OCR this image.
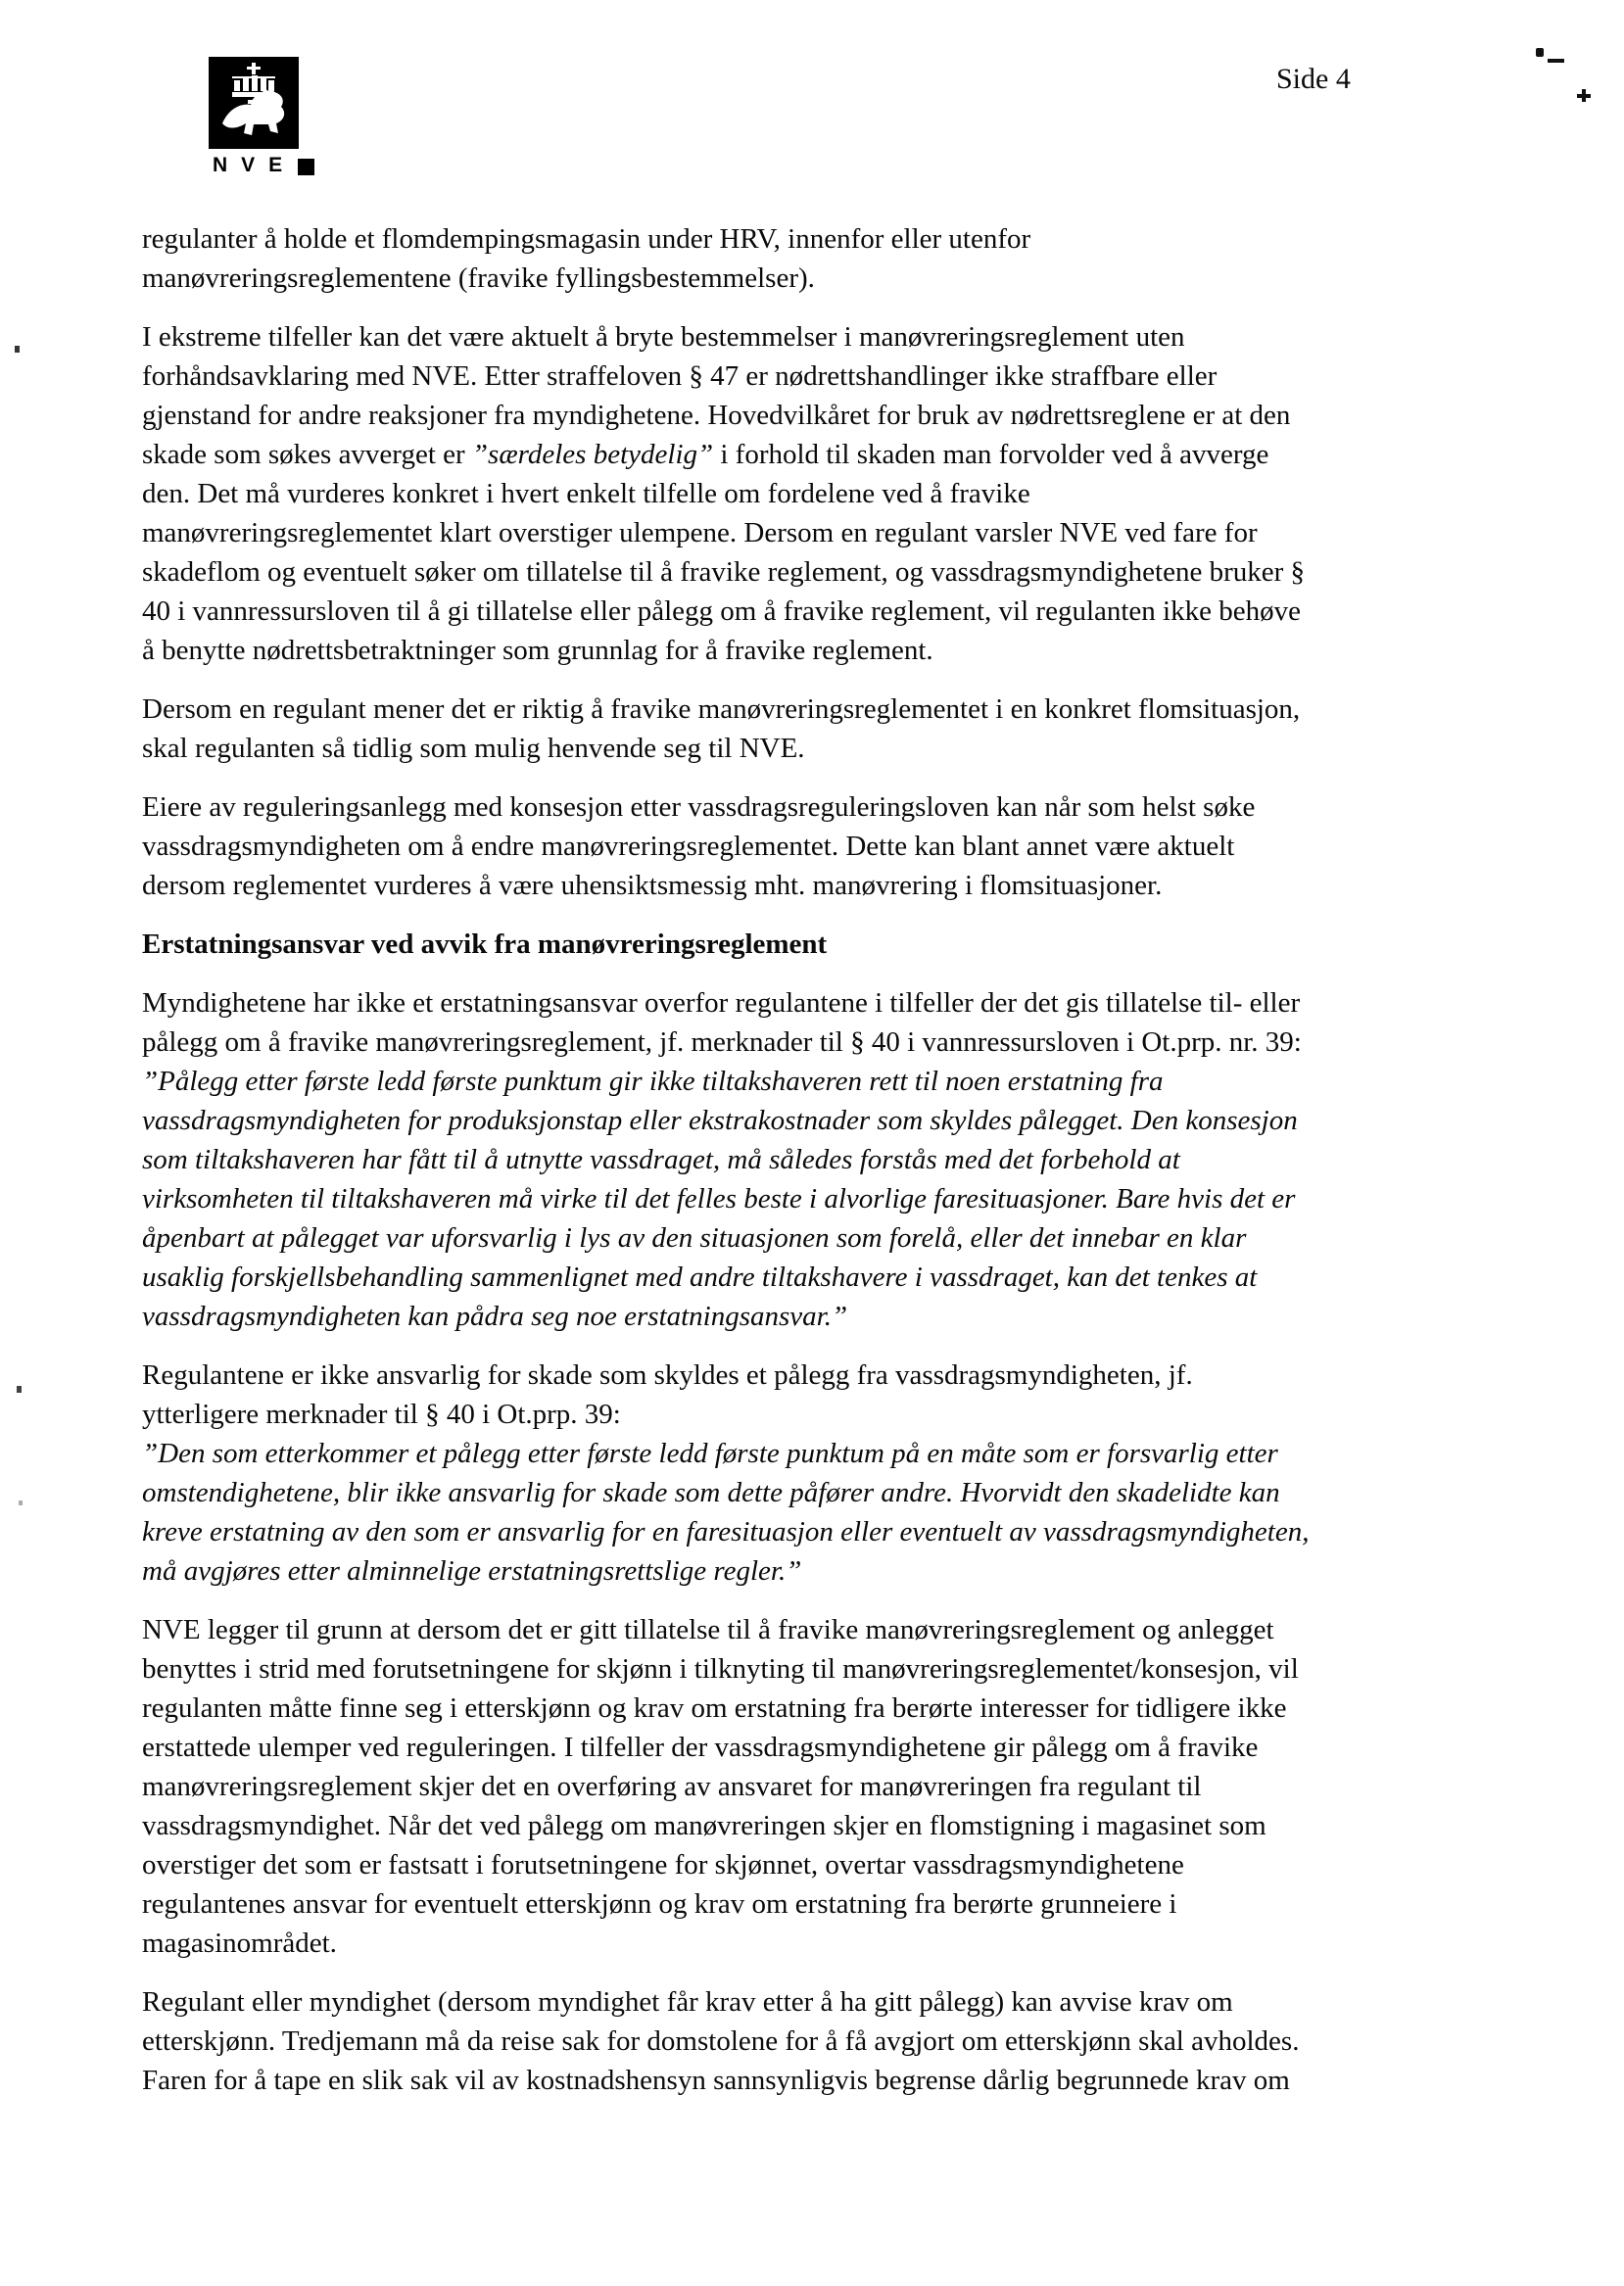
NVE
Side 4
regulanter å holde et flomdempingsmagasin under HRV, innenfor eller utenfor
manøvreringsreglementene (fravike fyllingsbestemmelser).
I ekstreme tilfeller kan det være aktuelt å bryte bestemmelser i manøvreringsreglement uten
forhåndsavklaring med NVE. Etter straffeloven § 47 er nødrettshandlinger ikke straffbare eller
gjenstand for andre reaksjoner fra myndighetene. Hovedvilkåret for bruk av nødrettsreglene er at den
skade som søkes avverget er ”særdeles betydelig” i forhold til skaden man forvolder ved å avverge
den. Det må vurderes konkret i hvert enkelt tilfelle om fordelene ved å fravike
manøvreringsreglementet klart overstiger ulempene. Dersom en regulant varsler NVE ved fare for
skadeflom og eventuelt søker om tillatelse til å fravike reglement, og vassdragsmyndighetene bruker §
40 i vannressursloven til å gi tillatelse eller pålegg om å fravike reglement, vil regulanten ikke behøve
å benytte nødrettsbetraktninger som grunnlag for å fravike reglement.
Dersom en regulant mener det er riktig å fravike manøvreringsreglementet i en konkret flomsituasjon,
skal regulanten så tidlig som mulig henvende seg til NVE.
Eiere av reguleringsanlegg med konsesjon etter vassdragsreguleringsloven kan når som helst søke
vassdragsmyndigheten om å endre manøvreringsreglementet. Dette kan blant annet være aktuelt
dersom reglementet vurderes å være uhensiktsmessig mht. manøvrering i flomsituasjoner.
Erstatningsansvar ved avvik fra manøvreringsreglement
Myndighetene har ikke et erstatningsansvar overfor regulantene i tilfeller der det gis tillatelse til- eller
pålegg om å fravike manøvreringsreglement, jf. merknader til § 40 i vannressursloven i Ot.prp. nr. 39:
”Pålegg etter første ledd første punktum gir ikke tiltakshaveren rett til noen erstatning fra
vassdragsmyndigheten for produksjonstap eller ekstrakostnader som skyldes pålegget. Den konsesjon
som tiltakshaveren har fått til å utnytte vassdraget, må således forstås med det forbehold at
virksomheten til tiltakshaveren må virke til det felles beste i alvorlige faresituasjoner. Bare hvis det er
åpenbart at pålegget var uforsvarlig i lys av den situasjonen som forelå, eller det innebar en klar
usaklig forskjellsbehandling sammenlignet med andre tiltakshavere i vassdraget, kan det tenkes at
vassdragsmyndigheten kan pådra seg noe erstatningsansvar.”
Regulantene er ikke ansvarlig for skade som skyldes et pålegg fra vassdragsmyndigheten, jf.
ytterligere merknader til § 40 i Ot.prp. 39:
”Den som etterkommer et pålegg etter første ledd første punktum på en måte som er forsvarlig etter
omstendighetene, blir ikke ansvarlig for skade som dette påfører andre. Hvorvidt den skadelidte kan
kreve erstatning av den som er ansvarlig for en faresituasjon eller eventuelt av vassdragsmyndigheten,
må avgjøres etter alminnelige erstatningsrettslige regler.”
NVE legger til grunn at dersom det er gitt tillatelse til å fravike manøvreringsreglement og anlegget
benyttes i strid med forutsetningene for skjønn i tilknyting til manøvreringsreglementet/konsesjon, vil
regulanten måtte finne seg i etterskjønn og krav om erstatning fra berørte interesser for tidligere ikke
erstattede ulemper ved reguleringen. I tilfeller der vassdragsmyndighetene gir pålegg om å fravike
manøvreringsreglement skjer det en overføring av ansvaret for manøvreringen fra regulant til
vassdragsmyndighet. Når det ved pålegg om manøvreringen skjer en flomstigning i magasinet som
overstiger det som er fastsatt i forutsetningene for skjønnet, overtar vassdragsmyndighetene
regulantenes ansvar for eventuelt etterskjønn og krav om erstatning fra berørte grunneiere i
magasinområdet.
Regulant eller myndighet (dersom myndighet får krav etter å ha gitt pålegg) kan avvise krav om
etterskjønn. Tredjemann må da reise sak for domstolene for å få avgjort om etterskjønn skal avholdes.
Faren for å tape en slik sak vil av kostnadshensyn sannsynligvis begrense dårlig begrunnede krav om
